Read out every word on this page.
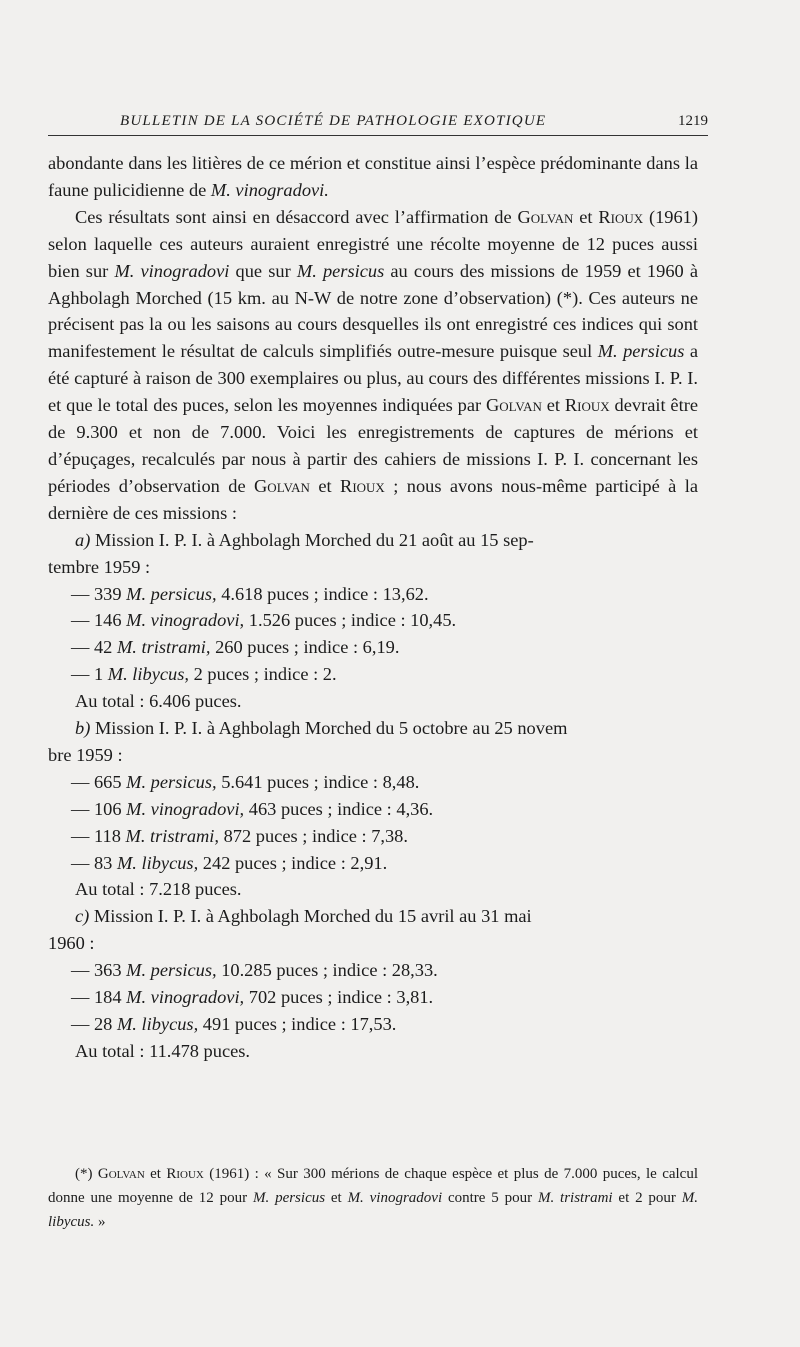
BULLETIN DE LA SOCIÉTÉ DE PATHOLOGIE EXOTIQUE	1219

abondante dans les litières de ce mérion et constitue ainsi l’espèce prédominante dans la faune pulicidienne de M. vinogradovi.

Ces résultats sont ainsi en désaccord avec l’affirmation de Golvan et Rioux (1961) selon laquelle ces auteurs auraient enregistré une récolte moyenne de 12 puces aussi bien sur M. vinogradovi que sur M. persicus au cours des missions de 1959 et 1960 à Aghbolagh Morched (15 km. au N-W de notre zone d’observation) (*). Ces auteurs ne précisent pas la ou les saisons au cours desquelles ils ont enregistré ces indices qui sont manifestement le résultat de calculs simplifiés outre-mesure puisque seul M. persicus a été capturé à raison de 300 exemplaires ou plus, au cours des différentes missions I. P. I. et que le total des puces, selon les moyennes indiquées par Golvan et Rioux devrait être de 9.300 et non de 7.000. Voici les enregistrements de captures de mérions et d’épuçages, recalculés par nous à partir des cahiers de missions I. P. I. concernant les périodes d’observation de Golvan et Rioux ; nous avons nous-même participé à la dernière de ces missions :

a) Mission I. P. I. à Aghbolagh Morched du 21 août au 15 sep-
tembre 1959 :

— 339 M. persicus, 4.618 puces ; indice : 13,62.
— 146 M. vinogradovi, 1.526 puces ; indice : 10,45.
— 42 M. tristrami, 260 puces ; indice : 6,19.
— 1 M. libycus, 2 puces ; indice : 2.
Au total : 6.406 puces.

b) Mission I. P. I. à Aghbolagh Morched du 5 octobre au 25 novem
bre 1959 :

— 665 M. persicus, 5.641 puces ; indice : 8,48.
— 106 M. vinogradovi, 463 puces ; indice : 4,36.
— 118 M. tristrami, 872 puces ; indice : 7,38.
— 83 M. libycus, 242 puces ; indice : 2,91.
Au total : 7.218 puces.

c) Mission I. P. I. à Aghbolagh Morched du 15 avril au 31 mai
1960 :

— 363 M. persicus, 10.285 puces ; indice : 28,33.
— 184 M. vinogradovi, 702 puces ; indice : 3,81.
— 28 M. libycus, 491 puces ; indice : 17,53.
Au total : 11.478 puces.

(*) Golvan et Rioux (1961) : « Sur 300 mérions de chaque espèce et plus de 7.000 puces, le calcul donne une moyenne de 12 pour M. persicus et M. vinogradovi contre 5 pour M. tristrami et 2 pour M. libycus. »
